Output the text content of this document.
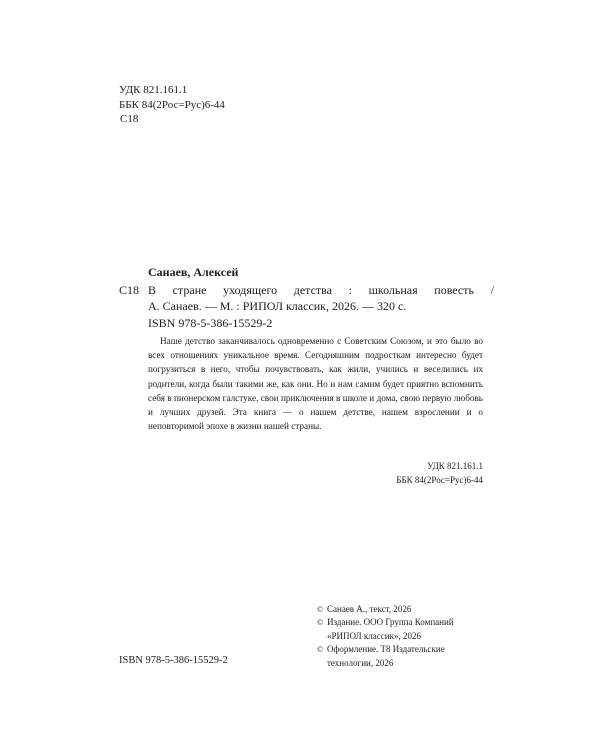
УДК 821.161.1
ББК 84(2Рос=Рус)6-44
С18
Санаев, Алексей
С18 В стране уходящего детства : школьная повесть /
А. Санаев. — М. : РИПОЛ классик, 2026. — 320 с.
ISBN 978-5-386-15529-2

Наше детство заканчивалось одновременно с Советским Союзом, и это было во всех отношениях уникальное время. Сегодняшним подросткам интересно будет погрузиться в него, чтобы почувствовать, как жили, учились и веселились их родители, когда были такими же, как они. Но и нам самим будет приятно вспомнить себя в пионерском галстуке, свои приключения в школе и дома, свою первую любовь и лучших друзей. Эта книга — о нашем детстве, нашем взрослении и о неповторимой эпохе в жизни нашей страны.

УДК 821.161.1
ББК 84(2Рос=Рус)6-44
ISBN 978-5-386-15529-2
© Санаев А., текст, 2026
© Издание. ООО Группа Компаний
«РИПОЛ классик», 2026
© Оформление. Т8 Издательские
технологии, 2026
